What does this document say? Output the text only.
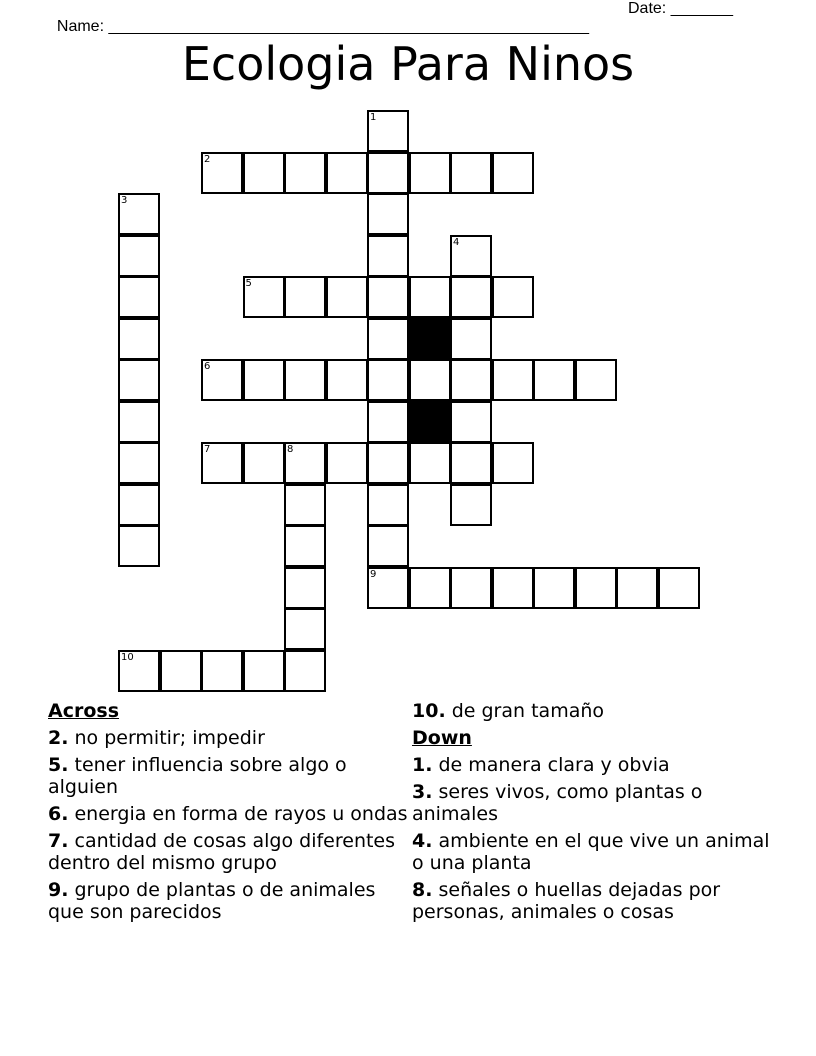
Name: ______________________________________________________

Date: _______

Ecologia Para Ninos
2
5
6
7	8
9
10
1
3
4
Across
2. no permitir; impedir
5. tener influencia sobre algo o alguien
6. energia en forma de rayos u ondas
7. cantidad de cosas algo diferentes dentro del mismo grupo
9. grupo de plantas o de animales que son parecidos
10. de gran tamaño
Down
1. de manera clara y obvia
3. seres vivos, como plantas o animales
4. ambiente en el que vive un animal o una planta
8. señales o huellas dejadas por personas, animales o cosas
